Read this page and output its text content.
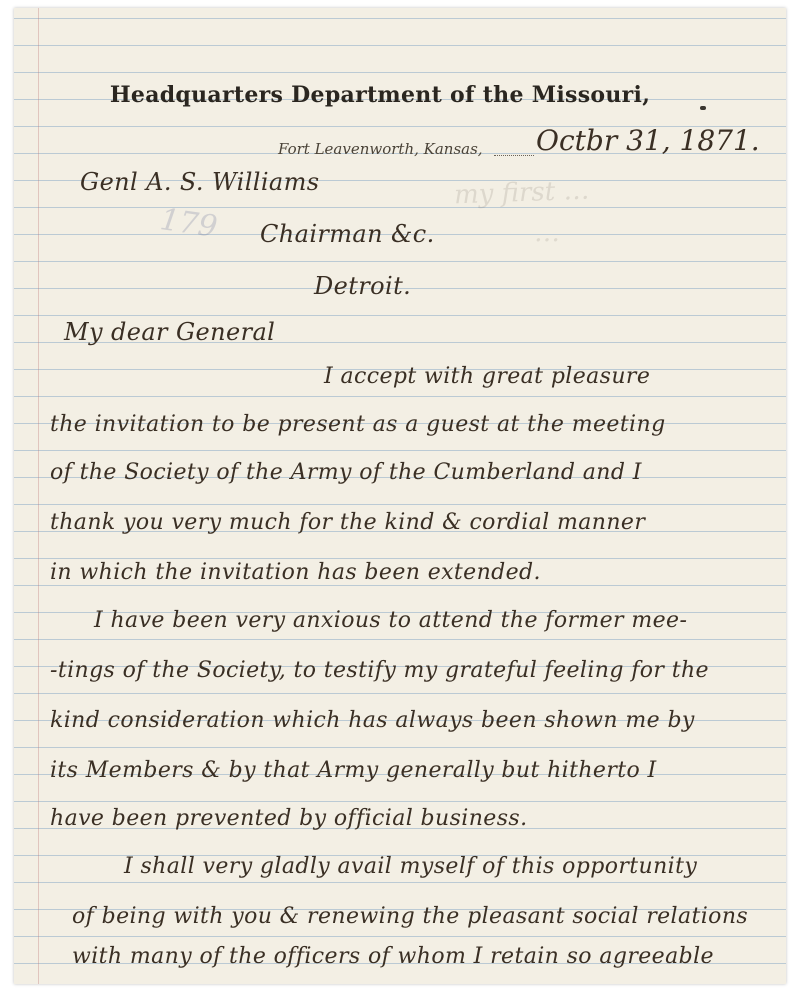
Headquarters Department of the Missouri,
Fort Leavenworth, Kansas, Octbr 31, 1871.
my first …
…
179
Genl A. S. Williams
Chairman &c.
Detroit.
My dear General
I accept with great pleasure
the invitation to be present as a guest at the meeting
of the Society of the Army of the Cumberland and I
thank you very much for the kind & cordial manner
in which the invitation has been extended.
I have been very anxious to attend the former mee-
-tings of the Society, to testify my grateful feeling for the
kind consideration which has always been shown me by
its Members & by that Army generally but hitherto I
have been prevented by official business.
I shall very gladly avail myself of this opportunity
of being with you & renewing the pleasant social relations
with many of the officers of whom I retain so agreeable
